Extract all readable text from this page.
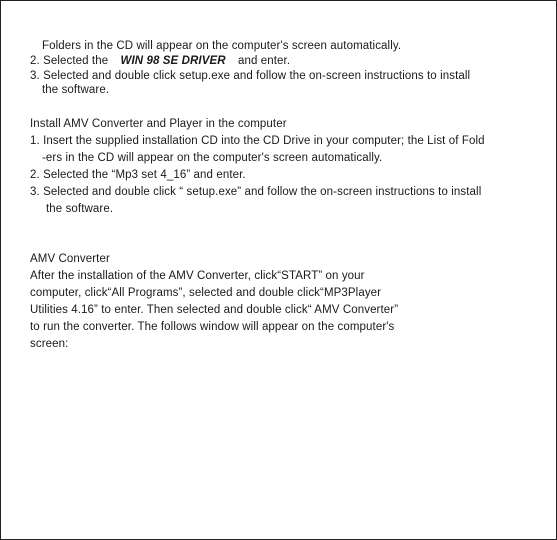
Folders in the CD will appear on the computer's screen automatically.
2. Selected the WIN 98 SE DRIVER and enter.
3. Selected and double click setup.exe and follow the on-screen instructions to install
the software.
Install AMV Converter and Player in the computer
1. Insert the supplied installation CD into the CD Drive in your computer; the List of Fold
-ers in the CD will appear on the computer's screen automatically.
2. Selected the “Mp3 set 4_16” and enter.
3. Selected and double click “ setup.exe” and follow the on-screen instructions to install
the software.
AMV Converter
After the installation of the AMV Converter, click“START” on your
computer, click“All Programs”, selected and double click“MP3Player
Utilities 4.16” to enter. Then selected and double click“ AMV Converter”
to run the converter. The follows window will appear on the computer's
screen:
